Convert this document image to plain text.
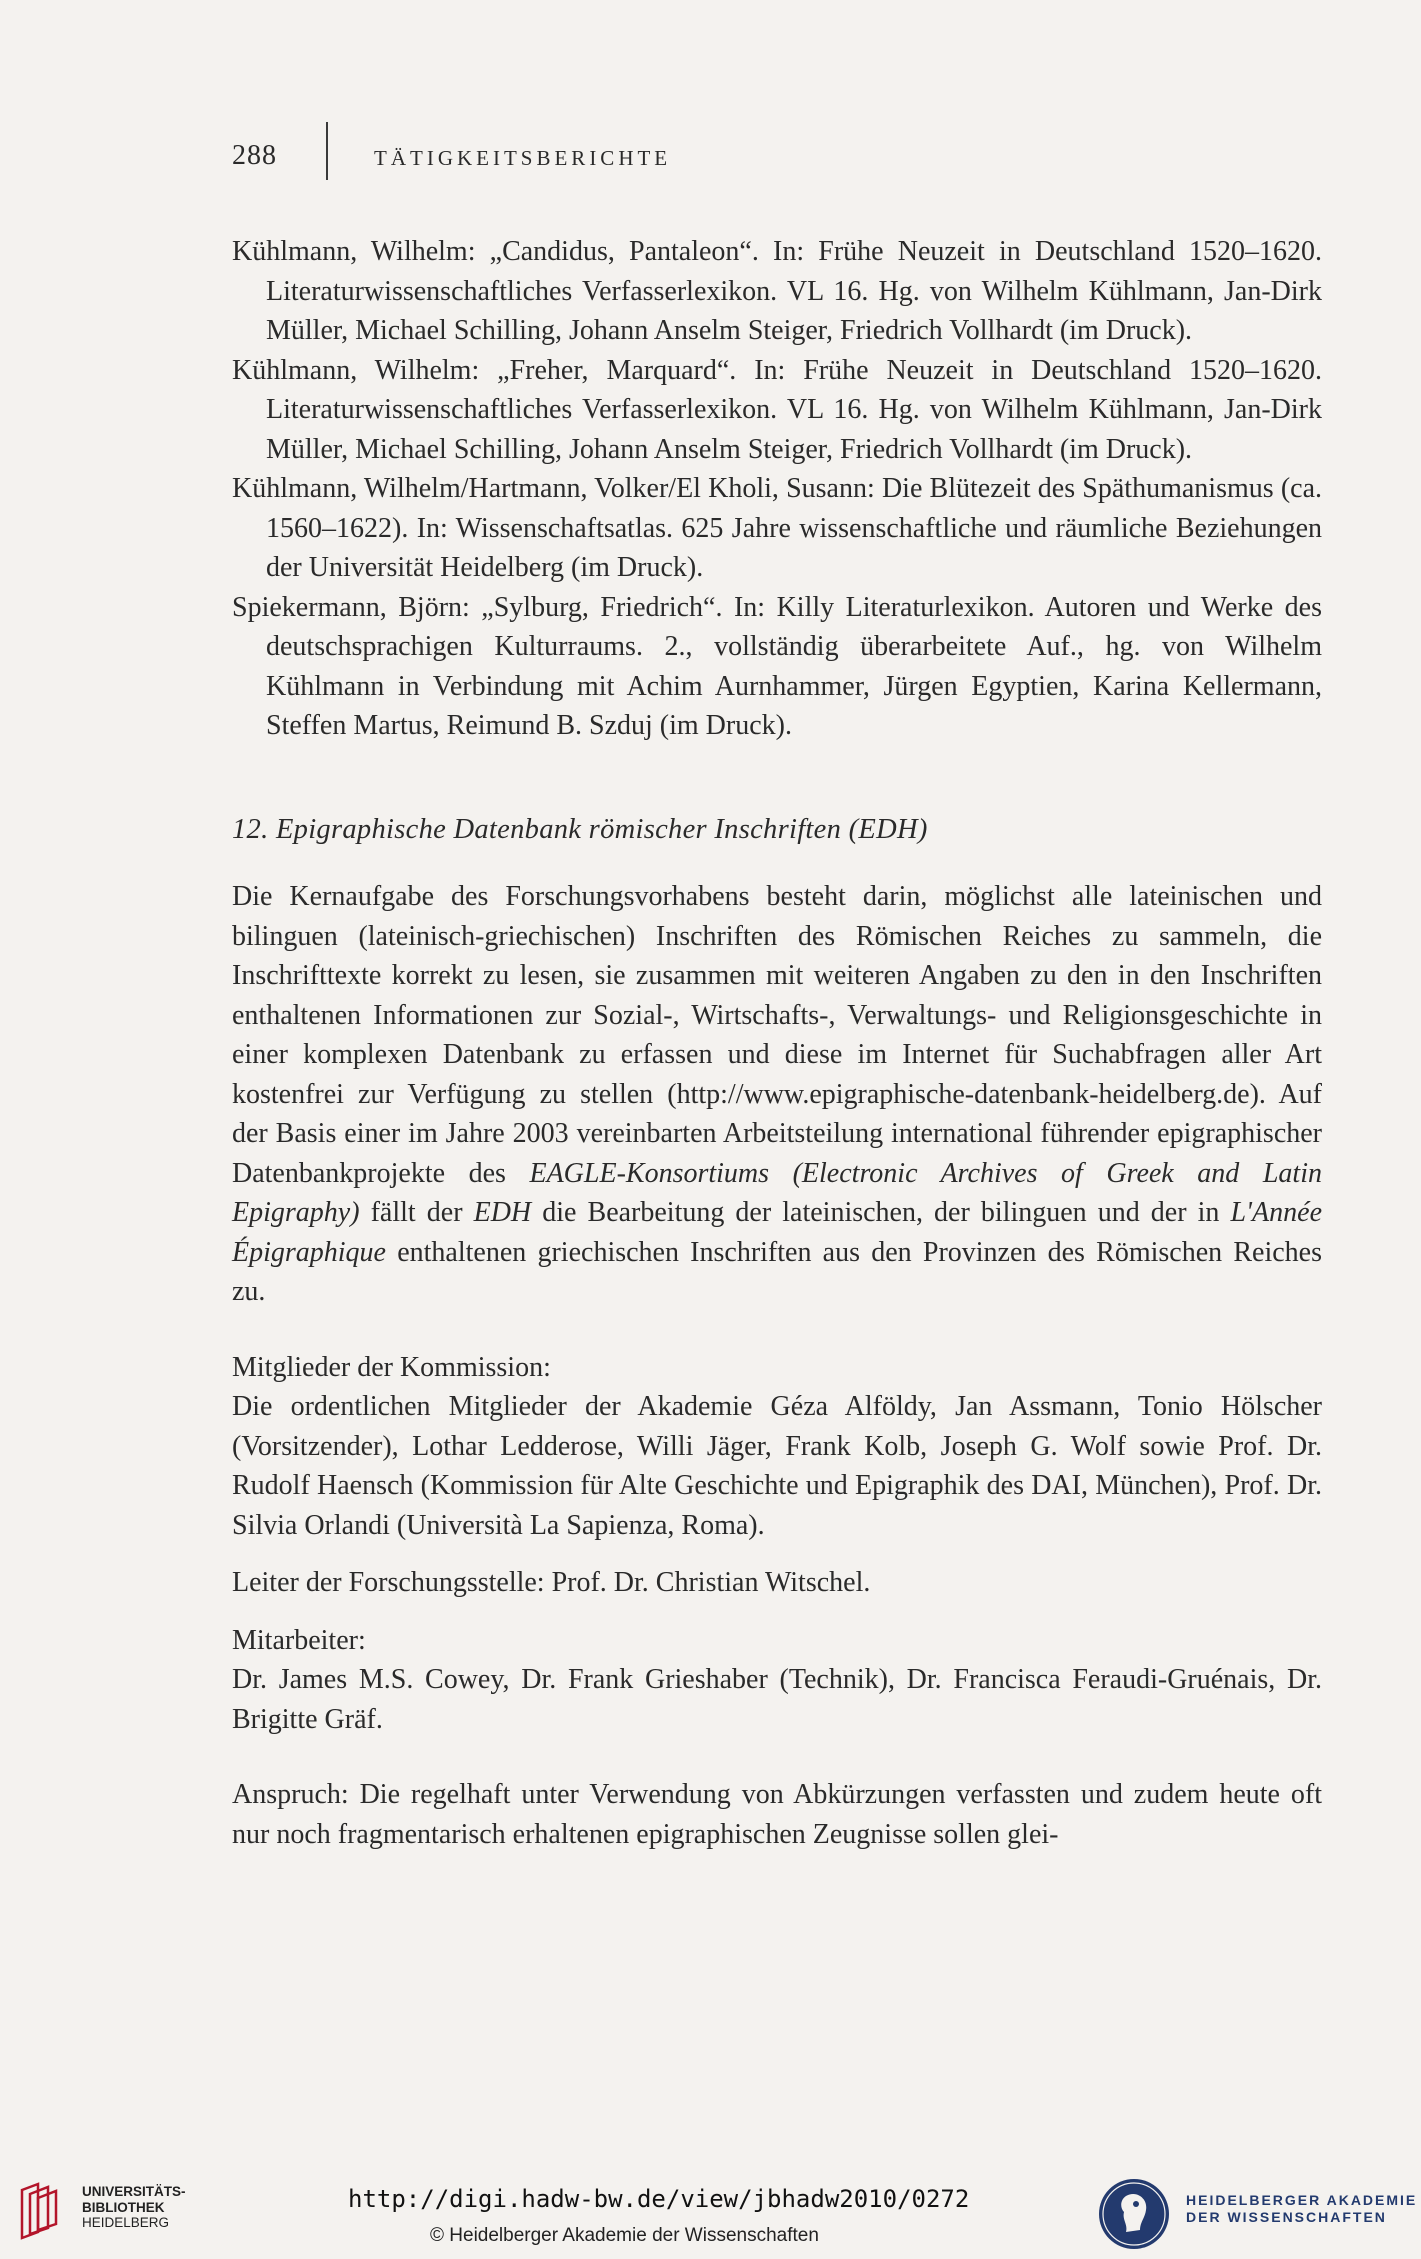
288	TÄTIGKEITSBERICHTE

Kühlmann, Wilhelm: „Candidus, Pantaleon“. In: Frühe Neuzeit in Deutschland 1520–1620. Literaturwissenschaftliches Verfasserlexikon. VL 16. Hg. von Wilhelm Kühlmann, Jan-Dirk Müller, Michael Schilling, Johann Anselm Steiger, Friedrich Vollhardt (im Druck).

Kühlmann, Wilhelm: „Freher, Marquard“. In: Frühe Neuzeit in Deutschland 1520–1620. Literaturwissenschaftliches Verfasserlexikon. VL 16. Hg. von Wilhelm Kühlmann, Jan-Dirk Müller, Michael Schilling, Johann Anselm Steiger, Friedrich Vollhardt (im Druck).

Kühlmann, Wilhelm/Hartmann, Volker/El Kholi, Susann: Die Blütezeit des Späthumanismus (ca. 1560–1622). In: Wissenschaftsatlas. 625 Jahre wissenschaftliche und räumliche Beziehungen der Universität Heidelberg (im Druck).

Spiekermann, Björn: „Sylburg, Friedrich“. In: Killy Literaturlexikon. Autoren und Werke des deutschsprachigen Kulturraums. 2., vollständig überarbeitete Auf., hg. von Wilhelm Kühlmann in Verbindung mit Achim Aurnhammer, Jürgen Egyptien, Karina Kellermann, Steffen Martus, Reimund B. Szduj (im Druck).

12. Epigraphische Datenbank römischer Inschriften (EDH)

Die Kernaufgabe des Forschungsvorhabens besteht darin, möglichst alle lateinischen und bilinguen (lateinisch-griechischen) Inschriften des Römischen Reiches zu sammeln, die Inschrifttexte korrekt zu lesen, sie zusammen mit weiteren Angaben zu den in den Inschriften enthaltenen Informationen zur Sozial-, Wirtschafts-, Verwaltungs- und Religionsgeschichte in einer komplexen Datenbank zu erfassen und diese im Internet für Suchabfragen aller Art kostenfrei zur Verfügung zu stellen (http://www.epigraphische-datenbank-heidelberg.de). Auf der Basis einer im Jahre 2003 vereinbarten Arbeitsteilung international führender epigraphischer Datenbankprojekte des EAGLE-Konsortiums (Electronic Archives of Greek and Latin Epigraphy) fällt der EDH die Bearbeitung der lateinischen, der bilinguen und der in L'Année Épigraphique enthaltenen griechischen Inschriften aus den Provinzen des Römischen Reiches zu.

Mitglieder der Kommission:

Die ordentlichen Mitglieder der Akademie Géza Alföldy, Jan Assmann, Tonio Hölscher (Vorsitzender), Lothar Ledderose, Willi Jäger, Frank Kolb, Joseph G. Wolf sowie Prof. Dr. Rudolf Haensch (Kommission für Alte Geschichte und Epigraphik des DAI, München), Prof. Dr. Silvia Orlandi (Università La Sapienza, Roma).

Leiter der Forschungsstelle: Prof. Dr. Christian Witschel.

Mitarbeiter:

Dr. James M.S. Cowey, Dr. Frank Grieshaber (Technik), Dr. Francisca Feraudi-Gruénais, Dr. Brigitte Gräf.

Anspruch: Die regelhaft unter Verwendung von Abkürzungen verfassten und zudem heute oft nur noch fragmentarisch erhaltenen epigraphischen Zeugnisse sollen glei-

UNIVERSITÄTS-
BIBLIOTHEK
HEIDELBERG
http://digi.hadw-bw.de/view/jbhadw2010/0272
© Heidelberger Akademie der Wissenschaften
HEIDELBERGER AKADEMIE
DER WISSENSCHAFTEN
